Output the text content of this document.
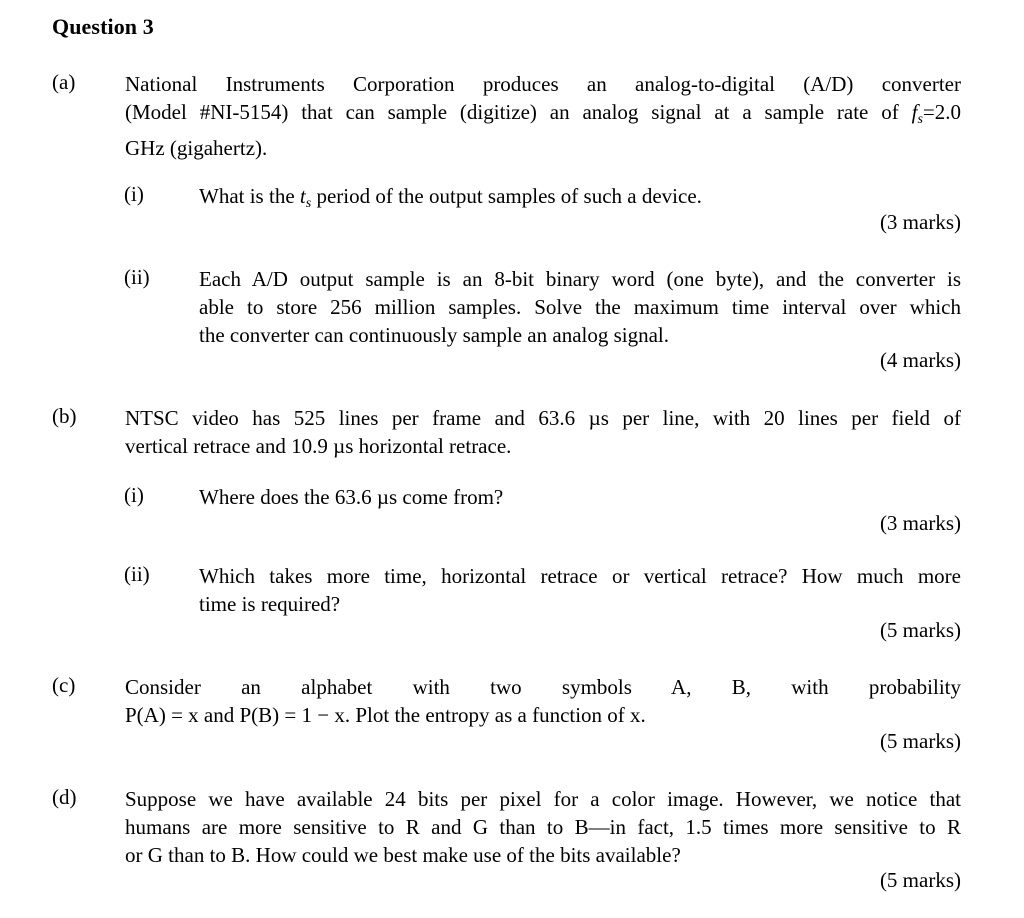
Question 3
(a) National Instruments Corporation produces an analog-to-digital (A/D) converter
(Model #NI-5154) that can sample (digitize) an analog signal at a sample rate of $f_s=2.0$
GHz (gigahertz).
(i)	What is the $t_s$ period of the output samples of such a device.
(3 marks)
(ii) Each A/D output sample is an 8-bit binary word (one byte), and the converter is
able to store 256 million samples. Solve the maximum time interval over which
the converter can continuously sample an analog signal.
(4 marks)
(b) NTSC video has 525 lines per frame and 63.6 µs per line, with 20 lines per field of
vertical retrace and 10.9 µs horizontal retrace.
(i)	Where does the 63.6 µs come from?
(3 marks)
(ii) Which takes more time, horizontal retrace or vertical retrace? How much more
time is required?
(5 marks)
(c) Consider an alphabet with two symbols A, B, with probability
P(A) = x and P(B) = 1 − x. Plot the entropy as a function of x.
(5 marks)
(d) Suppose we have available 24 bits per pixel for a color image. However, we notice that
humans are more sensitive to R and G than to B—in fact, 1.5 times more sensitive to R
or G than to B. How could we best make use of the bits available?
(5 marks)
